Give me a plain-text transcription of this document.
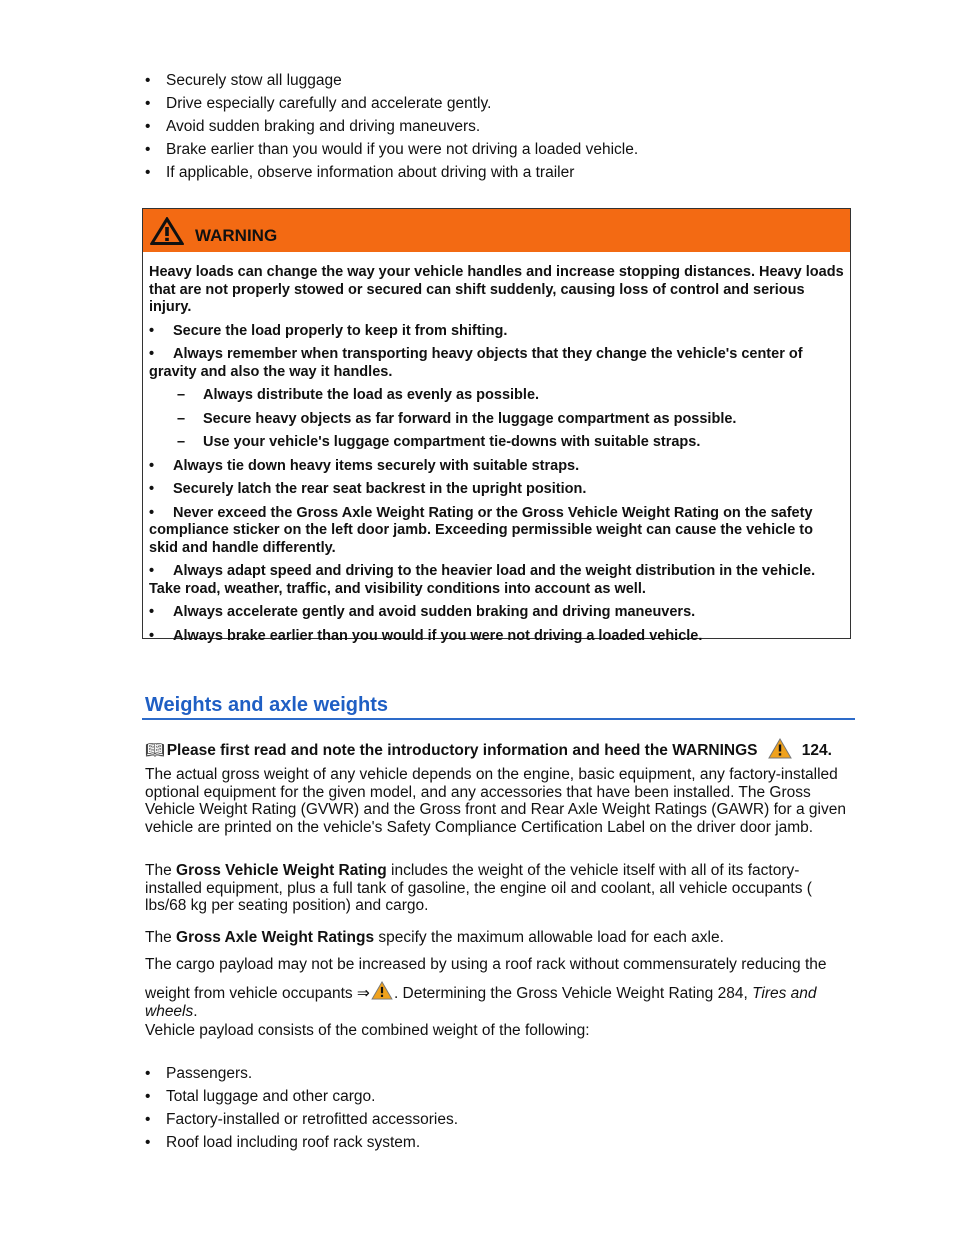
• Securely stow all luggage
• Drive especially carefully and accelerate gently.
• Avoid sudden braking and driving maneuvers.
• Brake earlier than you would if you were not driving a loaded vehicle.
• If applicable, observe information about driving with a trailer
WARNING

Heavy loads can change the way your vehicle handles and increase stopping distances. Heavy loads that are not properly stowed or secured can shift suddenly, causing loss of control and serious injury.

• Secure the load properly to keep it from shifting.
• Always remember when transporting heavy objects that they change the vehicle's center of gravity and also the way it handles.
– Always distribute the load as evenly as possible.
– Secure heavy objects as far forward in the luggage compartment as possible.
– Use your vehicle's luggage compartment tie-downs with suitable straps.
• Always tie down heavy items securely with suitable straps.
• Securely latch the rear seat backrest in the upright position.
• Never exceed the Gross Axle Weight Rating or the Gross Vehicle Weight Rating on the safety compliance sticker on the left door jamb. Exceeding permissible weight can cause the vehicle to skid and handle differently.
• Always adapt speed and driving to the heavier load and the weight distribution in the vehicle. Take road, weather, traffic, and visibility conditions into account as well.
• Always accelerate gently and avoid sudden braking and driving maneuvers.
• Always brake earlier than you would if you were not driving a loaded vehicle.
Weights and axle weights
📖︎ Please first read and note the introductory information and heed the WARNINGS	124.

The actual gross weight of any vehicle depends on the engine, basic equipment, any factory-installed optional equipment for the given model, and any accessories that have been installed. The Gross Vehicle Weight Rating (GVWR) and the Gross front and Rear Axle Weight Ratings (GAWR) for a given vehicle are printed on the vehicle's Safety Compliance Certification Label on the driver door jamb.

The Gross Vehicle Weight Rating includes the weight of the vehicle itself with all of its factory-installed equipment, plus a full tank of gasoline, the engine oil and coolant, all vehicle occupants ( lbs/68 kg per seating position) and cargo.

The Gross Axle Weight Ratings specify the maximum allowable load for each axle.

The cargo payload may not be increased by using a roof rack without commensurately reducing the

weight from vehicle occupants ⇒ . Determining the Gross Vehicle Weight Rating 284, Tires and wheels.

Vehicle payload consists of the combined weight of the following:

• Passengers.
• Total luggage and other cargo.
• Factory-installed or retrofitted accessories.
• Roof load including roof rack system.
